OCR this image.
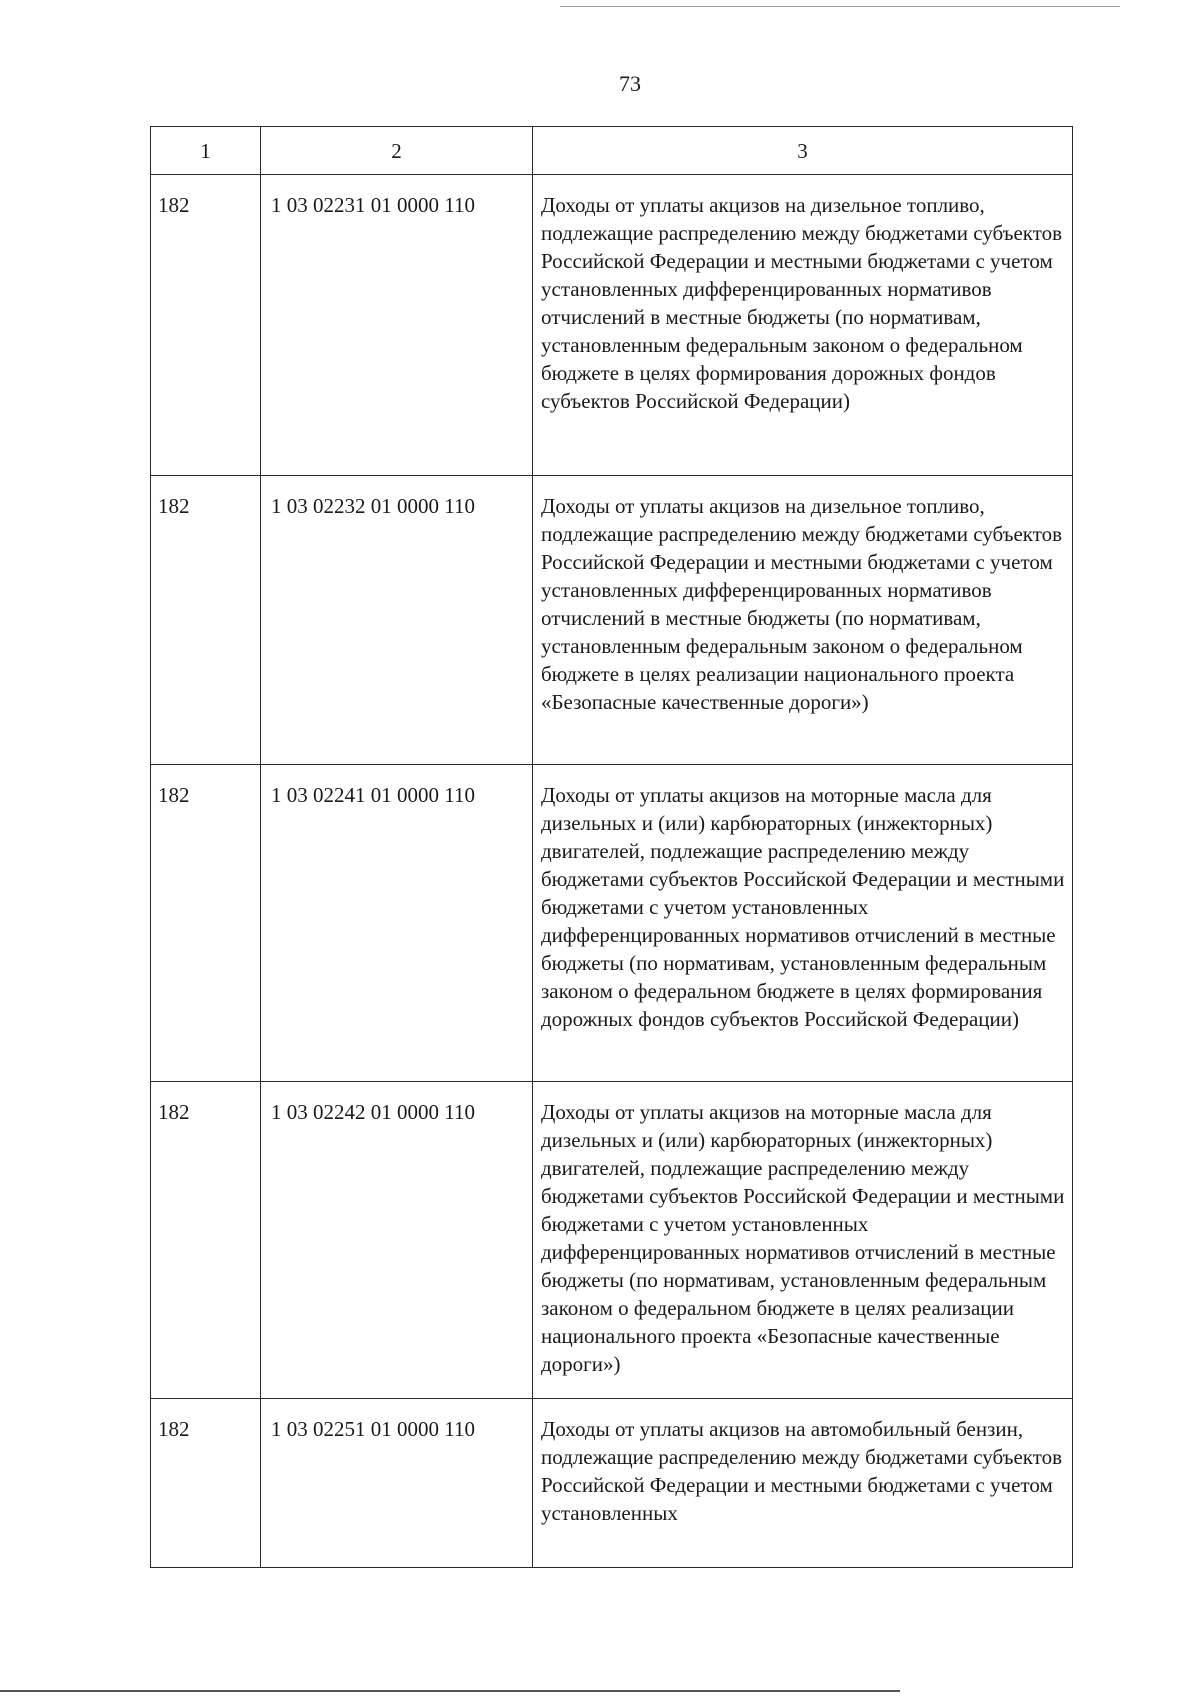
73
1	2	3
182	1 03 02231 01 0000 110	Доходы от уплаты акцизов на дизельное топливо, подлежащие распределению между бюджетами субъектов Российской Федерации и местными бюджетами с учетом установленных дифференцированных нормативов отчислений в местные бюджеты (по нормативам, установленным федеральным законом о федеральном бюджете в целях формирования дорожных фондов субъектов Российской Федерации)
182	1 03 02232 01 0000 110	Доходы от уплаты акцизов на дизельное топливо, подлежащие распределению между бюджетами субъектов Российской Федерации и местными бюджетами с учетом установленных дифференцированных нормативов отчислений в местные бюджеты (по нормативам, установленным федеральным законом о федеральном бюджете в целях реализации национального проекта «Безопасные качественные дороги»)
182	1 03 02241 01 0000 110	Доходы от уплаты акцизов на моторные масла для дизельных и (или) карбюраторных (инжекторных) двигателей, подлежащие распределению между бюджетами субъектов Российской Федерации и местными бюджетами с учетом установленных дифференцированных нормативов отчислений в местные бюджеты (по нормативам, установленным федеральным законом о федеральном бюджете в целях формирования дорожных фондов субъектов Российской Федерации)
182	1 03 02242 01 0000 110	Доходы от уплаты акцизов на моторные масла для дизельных и (или) карбюраторных (инжекторных) двигателей, подлежащие распределению между бюджетами субъектов Российской Федерации и местными бюджетами с учетом установленных дифференцированных нормативов отчислений в местные бюджеты (по нормативам, установленным федеральным законом о федеральном бюджете в целях реализации национального проекта «Безопасные качественные дороги»)
182	1 03 02251 01 0000 110	Доходы от уплаты акцизов на автомобильный бензин, подлежащие распределению между бюджетами субъектов Российской Федерации и местными бюджетами с учетом установленных
